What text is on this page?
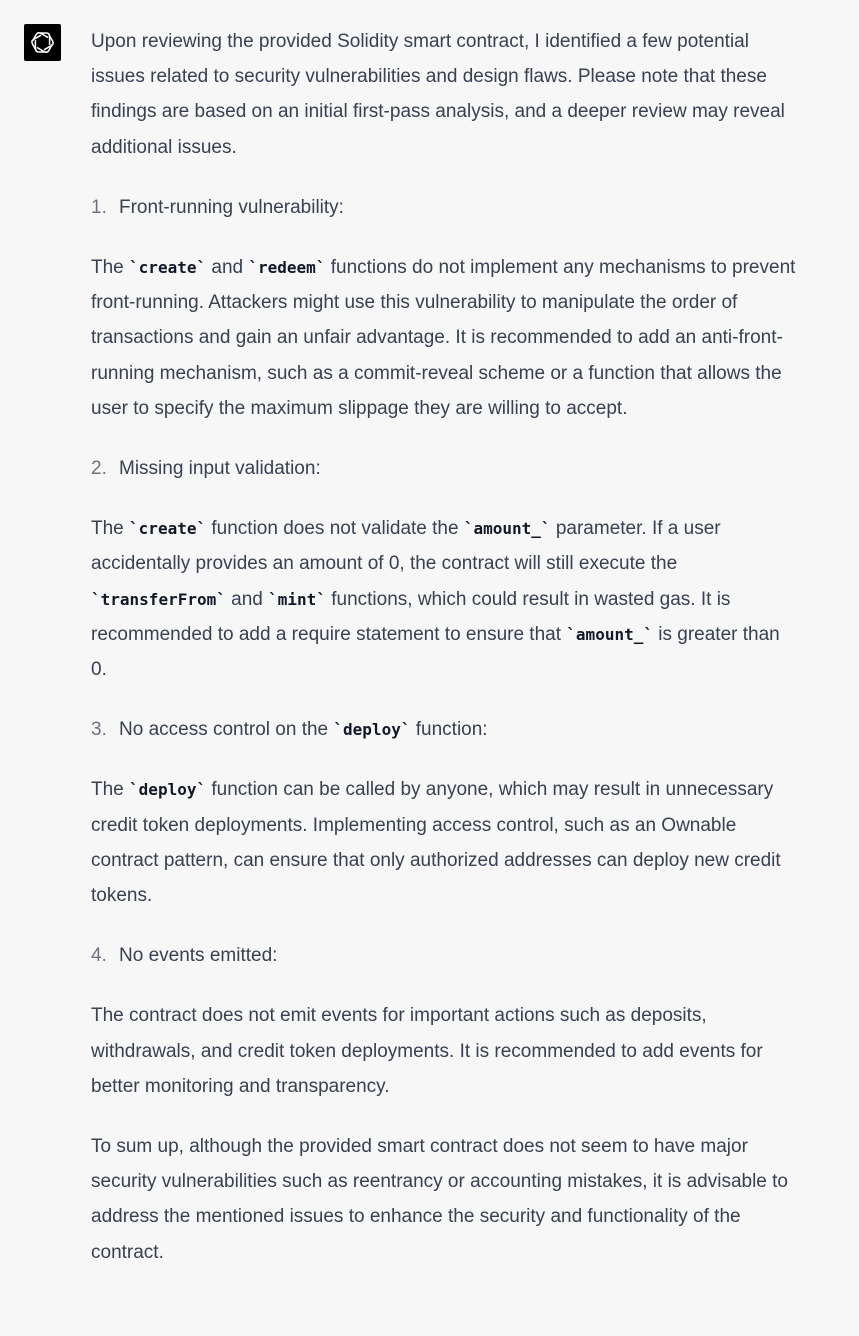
Upon reviewing the provided Solidity smart contract, I identified a few potential issues related to security vulnerabilities and design flaws. Please note that these findings are based on an initial first-pass analysis, and a deeper review may reveal additional issues.

1. Front-running vulnerability:

The ` create ` and ` redeem ` functions do not implement any mechanisms to prevent front-running. Attackers might use this vulnerability to manipulate the order of transactions and gain an unfair advantage. It is recommended to add an anti-front-running mechanism, such as a commit-reveal scheme or a function that allows the user to specify the maximum slippage they are willing to accept.

2. Missing input validation:

The ` create ` function does not validate the ` amount_ ` parameter. If a user accidentally provides an amount of 0, the contract will still execute the ` transferFrom ` and ` mint ` functions, which could result in wasted gas. It is recommended to add a require statement to ensure that ` amount_ ` is greater than 0.

3. No access control on the ` deploy ` function:

The ` deploy ` function can be called by anyone, which may result in unnecessary credit token deployments. Implementing access control, such as an Ownable contract pattern, can ensure that only authorized addresses can deploy new credit tokens.

4. No events emitted:

The contract does not emit events for important actions such as deposits, withdrawals, and credit token deployments. It is recommended to add events for better monitoring and transparency.

To sum up, although the provided smart contract does not seem to have major security vulnerabilities such as reentrancy or accounting mistakes, it is advisable to address the mentioned issues to enhance the security and functionality of the contract.
